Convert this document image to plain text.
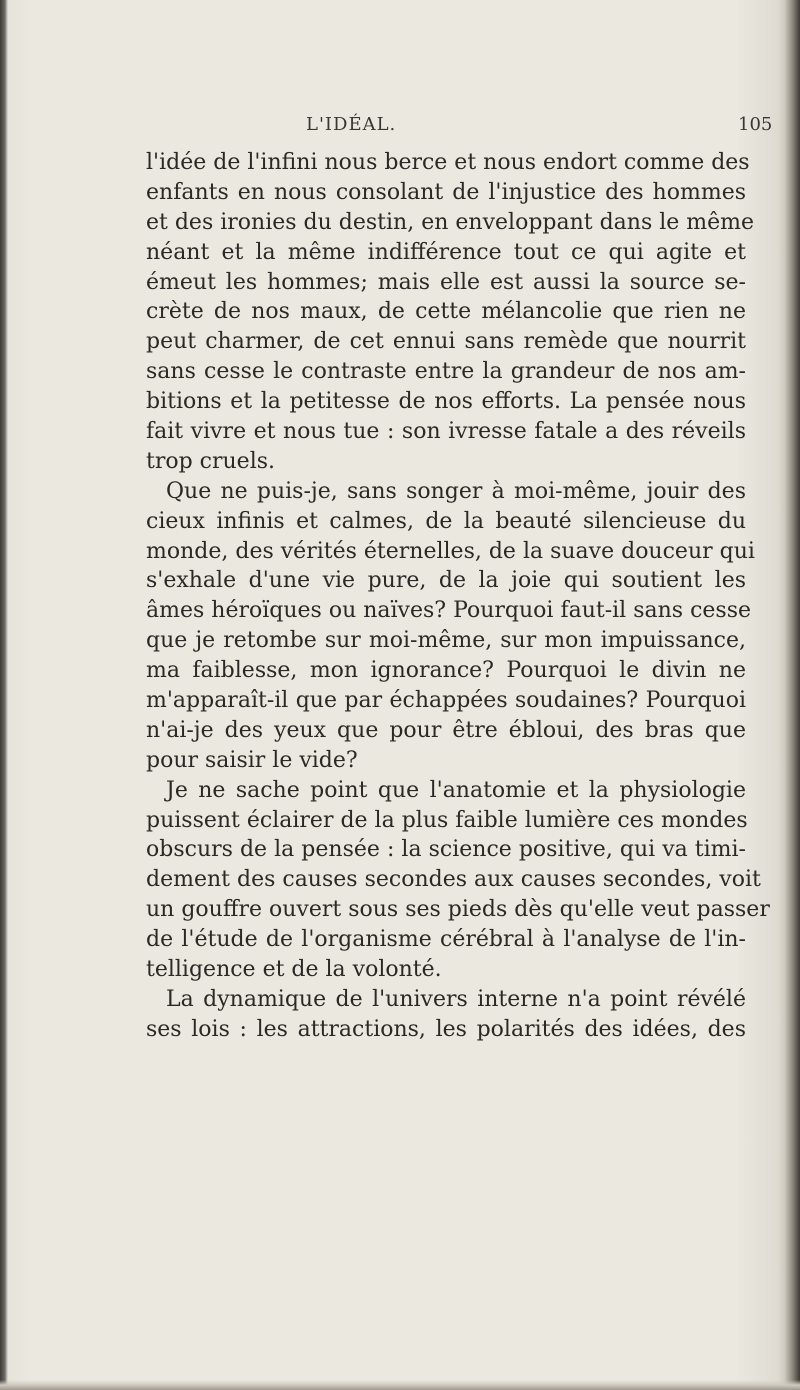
L'IDÉAL.	105
l'idée de l'infini nous berce et nous endort comme des
enfants en nous consolant de l'injustice des hommes
et des ironies du destin, en enveloppant dans le même
néant et la même indifférence tout ce qui agite et
émeut les hommes; mais elle est aussi la source se-
crète de nos maux, de cette mélancolie que rien ne
peut charmer, de cet ennui sans remède que nourrit
sans cesse le contraste entre la grandeur de nos am-
bitions et la petitesse de nos efforts. La pensée nous
fait vivre et nous tue : son ivresse fatale a des réveils
trop cruels.
Que ne puis-je, sans songer à moi-même, jouir des
cieux infinis et calmes, de la beauté silencieuse du
monde, des vérités éternelles, de la suave douceur qui
s'exhale d'une vie pure, de la joie qui soutient les
âmes héroïques ou naïves? Pourquoi faut-il sans cesse
que je retombe sur moi-même, sur mon impuissance,
ma faiblesse, mon ignorance? Pourquoi le divin ne
m'apparaît-il que par échappées soudaines? Pourquoi
n'ai-je des yeux que pour être ébloui, des bras que
pour saisir le vide?
Je ne sache point que l'anatomie et la physiologie
puissent éclairer de la plus faible lumière ces mondes
obscurs de la pensée : la science positive, qui va timi-
dement des causes secondes aux causes secondes, voit
un gouffre ouvert sous ses pieds dès qu'elle veut passer
de l'étude de l'organisme cérébral à l'analyse de l'in-
telligence et de la volonté.
La dynamique de l'univers interne n'a point révélé
ses lois : les attractions, les polarités des idées, des
